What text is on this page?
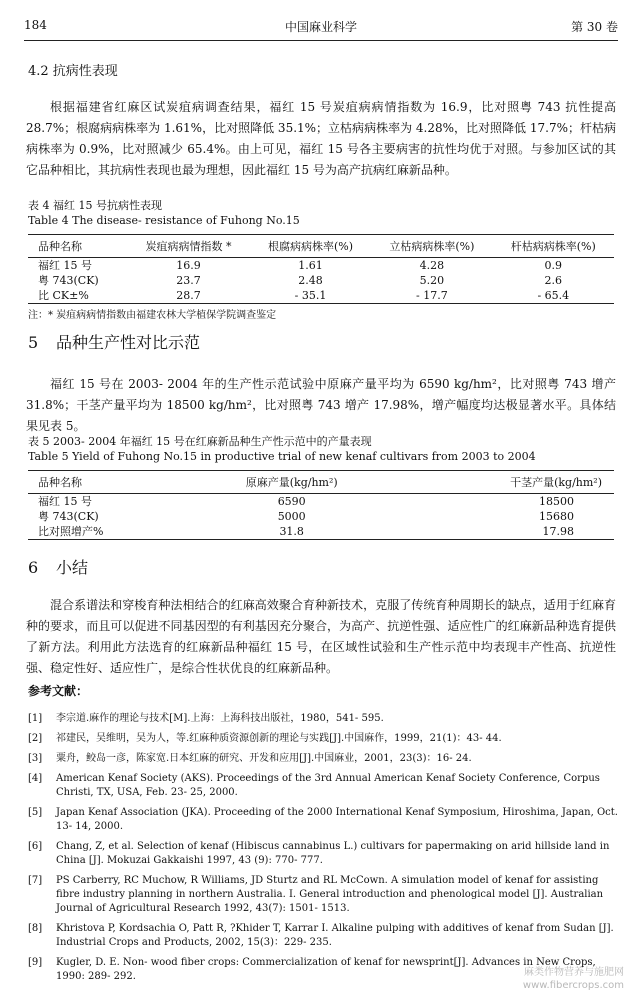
184	中国麻业科学	第 30 卷
4.2 抗病性表现

根据福建省红麻区试炭疽病调查结果，福红 15 号炭疽病病情指数为 16.9，比对照粤 743 抗性提高 28.7%；根腐病病株率为 1.61%，比对照降低 35.1%；立枯病病株率为 4.28%，比对照降低 17.7%；杆枯病病株率为 0.9%，比对照减少 65.4%。由上可见，福红 15 号各主要病害的抗性均优于对照。与参加区试的其它品种相比，其抗病性表现也最为理想，因此福红 15 号为高产抗病红麻新品种。

表 4 福红 15 号抗病性表现
Table 4 The disease- resistance of Fuhong No.15
品种名称	炭疽病病情指数 *	根腐病病株率(%)	立枯病病株率(%)	杆枯病病株率(%)
福红 15 号	16.9	1.61	4.28	0.9
粤 743(CK)	23.7	2.48	5.20	2.6
比 CK±%	28.7	- 35.1	- 17.7	- 65.4
注：* 炭疽病病情指数由福建农林大学植保学院调查鉴定
5 品种生产性对比示范

福红 15 号在 2003- 2004 年的生产性示范试验中原麻产量平均为 6590 kg/hm²，比对照粤 743 增产 31.8%；干茎产量平均为 18500 kg/hm²，比对照粤 743 增产 17.98%，增产幅度均达极显著水平。具体结果见表 5。

表 5 2003- 2004 年福红 15 号在红麻新品种生产性示范中的产量表现
Table 5 Yield of Fuhong No.15 in productive trial of new kenaf cultivars from 2003 to 2004
品种名称	原麻产量(kg/hm²)	干茎产量(kg/hm²)
福红 15 号	6590	18500
粤 743(CK)	5000	15680
比对照增产%	31.8	17.98
6 小结

混合系谱法和穿梭育种法相结合的红麻高效聚合育种新技术，克服了传统育种周期长的缺点，适用于红麻育种的要求，而且可以促进不同基因型的有利基因充分聚合，为高产、抗逆性强、适应性广的红麻新品种选育提供了新方法。利用此方法选育的红麻新品种福红 15 号，在区域性试验和生产性示范中均表现丰产性高、抗逆性强、稳定性好、适应性广，是综合性状优良的红麻新品种。

参考文献：
[1] 李宗道.麻作的理论与技术[M].上海：上海科技出版社，1980，541- 595.
[2] 祁建民，吴维明，吴为人，等.红麻种质资源创新的理论与实践[J].中国麻作，1999，21(1)：43- 44.
[3] 粟舟，鲛岛一彦，陈家宽.日本红麻的研究、开发和应用[J].中国麻业，2001，23(3)：16- 24.
[4] American Kenaf Society (AKS). Proceedings of the 3rd Annual American Kenaf Society Conference, Corpus Christi, TX, USA, Feb. 23- 25, 2000.
[5] Japan Kenaf Association (JKA). Proceeding of the 2000 International Kenaf Symposium, Hiroshima, Japan, Oct. 13- 14, 2000.
[6] Chang, Z, et al. Selection of kenaf (Hibiscus cannabinus L.) cultivars for papermaking on arid hillside land in China [J]. Mokuzai Gakkaishi 1997, 43 (9): 770- 777.
[7] PS Carberry, RC Muchow, R Williams, JD Sturtz and RL McCown. A simulation model of kenaf for assisting fibre industry planning in northern Australia. I. General introduction and phenological model [J]. Australian Journal of Agricultural Research 1992, 43(7): 1501- 1513.
[8] Khristova P, Kordsachia O, Patt R, ?Khider T, Karrar I. Alkaline pulping with additives of kenaf from Sudan [J]. Industrial Crops and Products, 2002, 15(3)：229- 235.
[9] Kugler, D. E. Non- wood fiber crops: Commercialization of kenaf for newsprint[J]. Advances in New Crops, 1990: 289- 292.	麻类作物营养与施肥网
www.fibercrops.com
